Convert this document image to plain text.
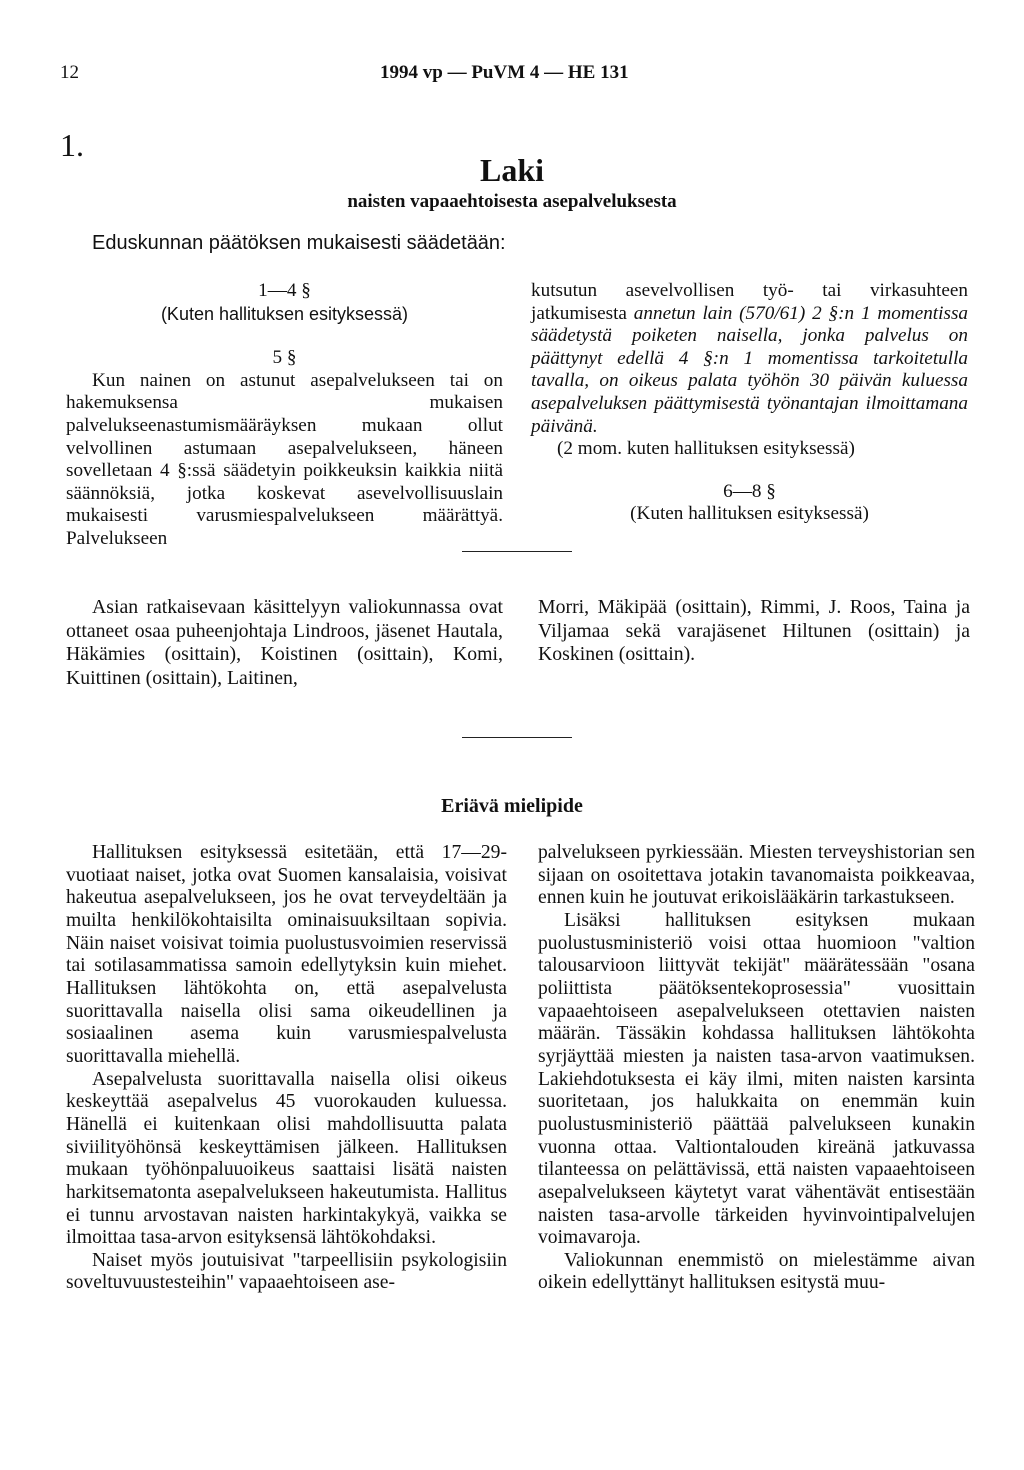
12	1994 vp — PuVM 4 — HE 131
1.
Laki
naisten vapaaehtoisesta asepalveluksesta
Eduskunnan päätöksen mukaisesti säädetään:

1—4 §

(Kuten hallituksen esityksessä)

5 §

Kun nainen on astunut asepalvelukseen tai on hakemuksensa mukaisen palvelukseenastumismääräyksen mukaan ollut velvollinen astumaan asepalvelukseen, häneen sovelletaan 4 §:ssä säädetyin poikkeuksin kaikkia niitä säännöksiä, jotka koskevat asevelvollisuuslain mukaisesti varusmiespalvelukseen määrättyä. Palvelukseen

kutsutun asevelvollisen työ- tai virkasuhteen jatkumisesta annetun lain (570/61) 2 §:n 1 momentissa säädetystä poiketen naisella, jonka palvelus on päättynyt edellä 4 §:n 1 momentissa tarkoitetulla tavalla, on oikeus palata työhön 30 päivän kuluessa asepalveluksen päättymisestä työnantajan ilmoittamana päivänä.

(2 mom. kuten hallituksen esityksessä)

6—8 §

(Kuten hallituksen esityksessä)

Asian ratkaisevaan käsittelyyn valiokunnassa ovat ottaneet osaa puheenjohtaja Lindroos, jäsenet Hautala, Häkämies (osittain), Koistinen (osittain), Komi, Kuittinen (osittain), Laitinen,

Morri, Mäkipää (osittain), Rimmi, J. Roos, Taina ja Viljamaa sekä varajäsenet Hiltunen (osittain) ja Koskinen (osittain).

Eriävä mielipide

Hallituksen esityksessä esitetään, että 17—29-vuotiaat naiset, jotka ovat Suomen kansalaisia, voisivat hakeutua asepalvelukseen, jos he ovat terveydeltään ja muilta henkilökohtaisilta ominaisuuksiltaan sopivia. Näin naiset voisivat toimia puolustusvoimien reservissä tai sotilasammatissa samoin edellytyksin kuin miehet. Hallituksen lähtökohta on, että asepalvelusta suorittavalla naisella olisi sama oikeudellinen ja sosiaalinen asema kuin varusmiespalvelusta suorittavalla miehellä.

Asepalvelusta suorittavalla naisella olisi oikeus keskeyttää asepalvelus 45 vuorokauden kuluessa. Hänellä ei kuitenkaan olisi mahdollisuutta palata siviilityöhönsä keskeyttämisen jälkeen. Hallituksen mukaan työhönpaluuoikeus saattaisi lisätä naisten harkitsematonta asepalvelukseen hakeutumista. Hallitus ei tunnu arvostavan naisten harkintakykyä, vaikka se ilmoittaa tasa-arvon esityksensä lähtökohdaksi.

Naiset myös joutuisivat "tarpeellisiin psykologisiin soveltuvuustesteihin" vapaaehtoiseen ase-

palvelukseen pyrkiessään. Miesten terveyshistorian sen sijaan on osoitettava jotakin tavanomaista poikkeavaa, ennen kuin he joutuvat erikoislääkärin tarkastukseen.

Lisäksi hallituksen esityksen mukaan puolustusministeriö voisi ottaa huomioon "valtion talousarvioon liittyvät tekijät" määrätessään "osana poliittista päätöksentekoprosessia" vuosittain vapaaehtoiseen asepalvelukseen otettavien naisten määrän. Tässäkin kohdassa hallituksen lähtökohta syrjäyttää miesten ja naisten tasa-arvon vaatimuksen. Lakiehdotuksesta ei käy ilmi, miten naisten karsinta suoritetaan, jos halukkaita on enemmän kuin puolustusministeriö päättää palvelukseen kunakin vuonna ottaa. Valtiontalouden kireänä jatkuvassa tilanteessa on pelättävissä, että naisten vapaaehtoiseen asepalvelukseen käytetyt varat vähentävät entisestään naisten tasa-arvolle tärkeiden hyvinvointipalvelujen voimavaroja.

Valiokunnan enemmistö on mielestämme aivan oikein edellyttänyt hallituksen esitystä muu-
